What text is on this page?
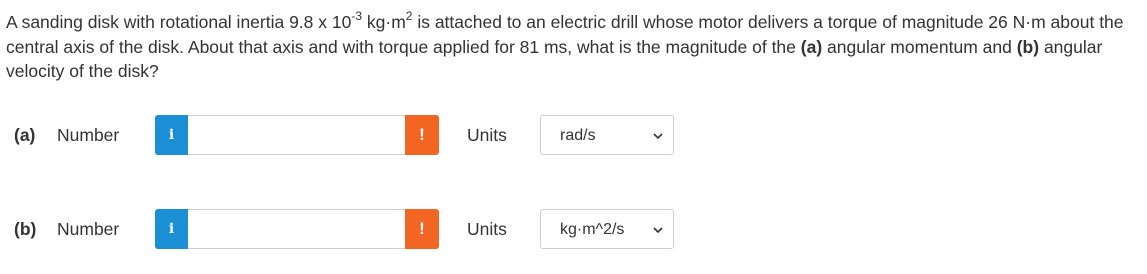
A sanding disk with rotational inertia 9.8 x $10^{-3}$ $kg\cdot m^2$ is attached to an electric drill whose motor delivers a torque of magnitude 26 N·m about the central axis of the disk. About that axis and with torque applied for 81 ms, what is the magnitude of the (a) angular momentum and (b) angular velocity of the disk?

(a) Number	i	!	Units	rad/s
(b) Number	i	!	Units	kg·m^2/s
